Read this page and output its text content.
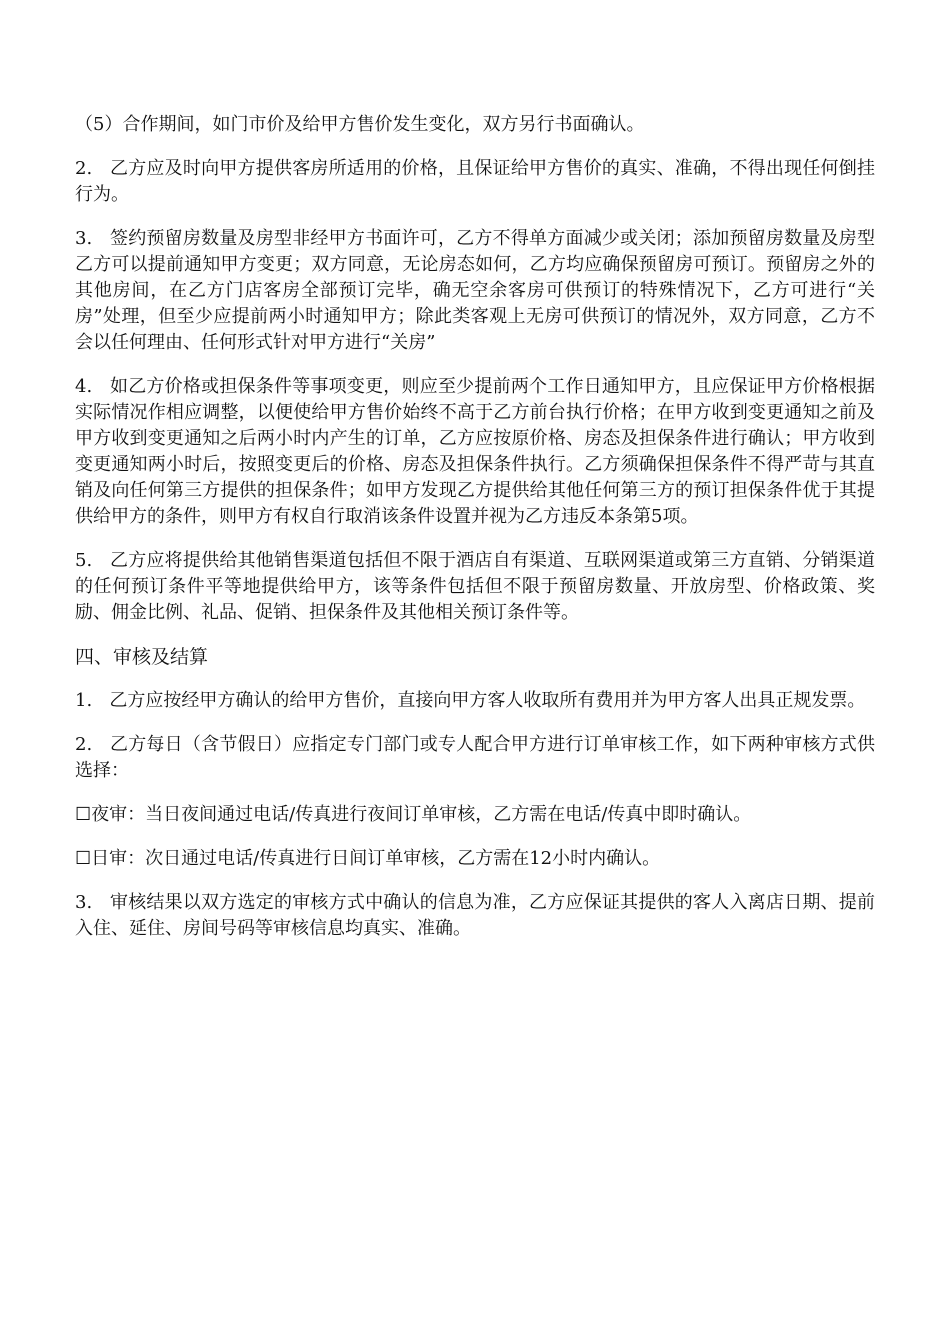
（5）合作期间，如门市价及给甲方售价发生变化，双方另行书面确认。

2.   乙方应及时向甲方提供客房所适用的价格，且保证给甲方售价的真实、准确，不得出现任何倒挂行为。

3.   签约预留房数量及房型非经甲方书面许可，乙方不得单方面减少或关闭；添加预留房数量及房型乙方可以提前通知甲方变更；双方同意，无论房态如何，乙方均应确保预留房可预订。预留房之外的其他房间，在乙方门店客房全部预订完毕，确无空余客房可供预订的特殊情况下，乙方可进行“关房”处理，但至少应提前两小时通知甲方；除此类客观上无房可供预订的情况外，双方同意，乙方不会以任何理由、任何形式针对甲方进行“关房”

4.   如乙方价格或担保条件等事项变更，则应至少提前两个工作日通知甲方，且应保证甲方价格根据实际情况作相应调整，以便使给甲方售价始终不高于乙方前台执行价格；在甲方收到变更通知之前及甲方收到变更通知之后两小时内产生的订单，乙方应按原价格、房态及担保条件进行确认；甲方收到变更通知两小时后，按照变更后的价格、房态及担保条件执行。乙方须确保担保条件不得严苛与其直销及向任何第三方提供的担保条件；如甲方发现乙方提供给其他任何第三方的预订担保条件优于其提供给甲方的条件，则甲方有权自行取消该条件设置并视为乙方违反本条第5项。

5.   乙方应将提供给其他销售渠道包括但不限于酒店自有渠道、互联网渠道或第三方直销、分销渠道的任何预订条件平等地提供给甲方，该等条件包括但不限于预留房数量、开放房型、价格政策、奖励、佣金比例、礼品、促销、担保条件及其他相关预订条件等。

四、审核及结算

1.   乙方应按经甲方确认的给甲方售价，直接向甲方客人收取所有费用并为甲方客人出具正规发票。

2.   乙方每日（含节假日）应指定专门部门或专人配合甲方进行订单审核工作，如下两种审核方式供选择：

☐夜审：当日夜间通过电话/传真进行夜间订单审核，乙方需在电话/传真中即时确认。

☐日审：次日通过电话/传真进行日间订单审核，乙方需在12小时内确认。

3.   审核结果以双方选定的审核方式中确认的信息为准，乙方应保证其提供的客人入离店日期、提前入住、延住、房间号码等审核信息均真实、准确。
